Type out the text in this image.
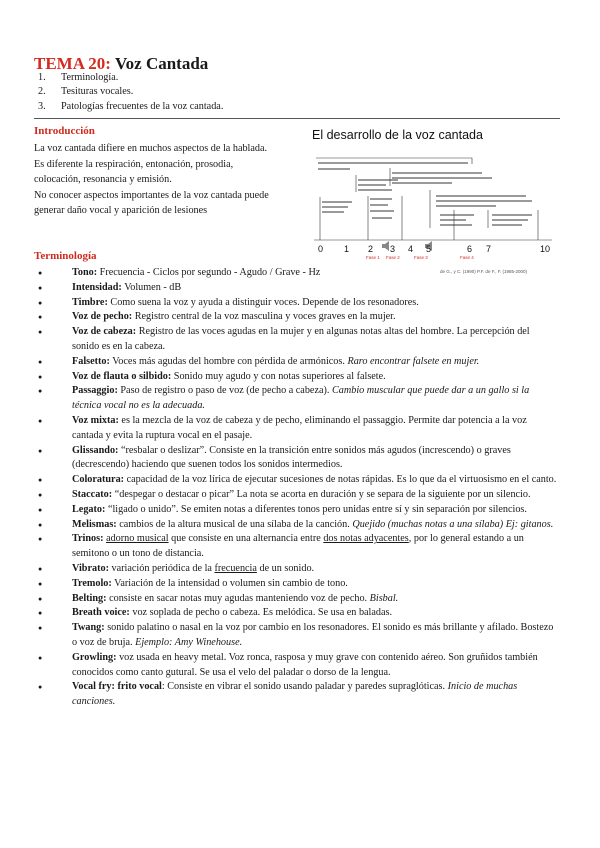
TEMA 20: Voz Cantada
1. Terminología.
2. Tesituras vocales.
3. Patologías frecuentes de la voz cantada.
Introducción

La voz cantada difiere en muchos aspectos de la hablada.

Es diferente la respiración, entonación, prosodia,

colocación, resonancia y emisión.

No conocer aspectos importantes de la voz cantada puede

generar daño vocal y aparición de lesiones

El desarrollo de la voz cantada
0 1 2 3 4 5	6 7	10
Fase 1 Fase 2	Fase 3	Fase 4
de G., y C. (1990) P.F. de F., F. (1985-2000)
Terminología
● Tono: Frecuencia - Ciclos por segundo - Agudo / Grave - Hz
● Intensidad: Volumen - dB
● Timbre: Como suena la voz y ayuda a distinguir voces. Depende de los resonadores.
● Voz de pecho: Registro central de la voz masculina y voces graves en la mujer.
● Voz de cabeza: Registro de las voces agudas en la mujer y en algunas notas altas del hombre. La percepción del sonido es en la cabeza.
● Falsetto: Voces más agudas del hombre con pérdida de armónicos. Raro encontrar falsete en mujer.
● Voz de flauta o silbido: Sonido muy agudo y con notas superiores al falsete.
● Passaggio: Paso de registro o paso de voz (de pecho a cabeza). Cambio muscular que puede dar a un gallo si la técnica vocal no es la adecuada.
● Voz mixta: es la mezcla de la voz de cabeza y de pecho, eliminando el passaggio. Permite dar potencia a la voz cantada y evita la ruptura vocal en el pasaje.
● Glissando: “resbalar o deslizar”. Consiste en la transición entre sonidos más agudos (increscendo) o graves (decrescendo) haciendo que suenen todos los sonidos intermedios.
● Coloratura: capacidad de la voz lírica de ejecutar sucesiones de notas rápidas. Es lo que da el virtuosismo en el canto.
● Staccato: “despegar o destacar o picar” La nota se acorta en duración y se separa de la siguiente por un silencio.
● Legato: “ligado o unido”. Se emiten notas a diferentes tonos pero unidas entre sí y sin separación por silencios.
● Melismas: cambios de la altura musical de una sílaba de la canción. Quejido (muchas notas a una sílaba) Ej: gitanos.
● Trinos: adorno musical que consiste en una alternancia entre dos notas adyacentes, por lo general estando a un semitono o un tono de distancia.
● Vibrato: variación periódica de la frecuencia de un sonido.
● Tremolo: Variación de la intensidad o volumen sin cambio de tono.
● Belting: consiste en sacar notas muy agudas manteniendo voz de pecho. Bisbal.
● Breath voice: voz soplada de pecho o cabeza. Es melódica. Se usa en baladas.
● Twang: sonido palatino o nasal en la voz por cambio en los resonadores. El sonido es más brillante y afilado. Bostezo o voz de bruja. Ejemplo: Amy Winehouse.
● Growling: voz usada en heavy metal. Voz ronca, rasposa y muy grave con contenido aéreo. Son gruñidos también conocidos como canto gutural. Se usa el velo del paladar o dorso de la lengua.
● Vocal fry: frito vocal: Consiste en vibrar el sonido usando paladar y paredes supraglóticas. Inicio de muchas canciones.
